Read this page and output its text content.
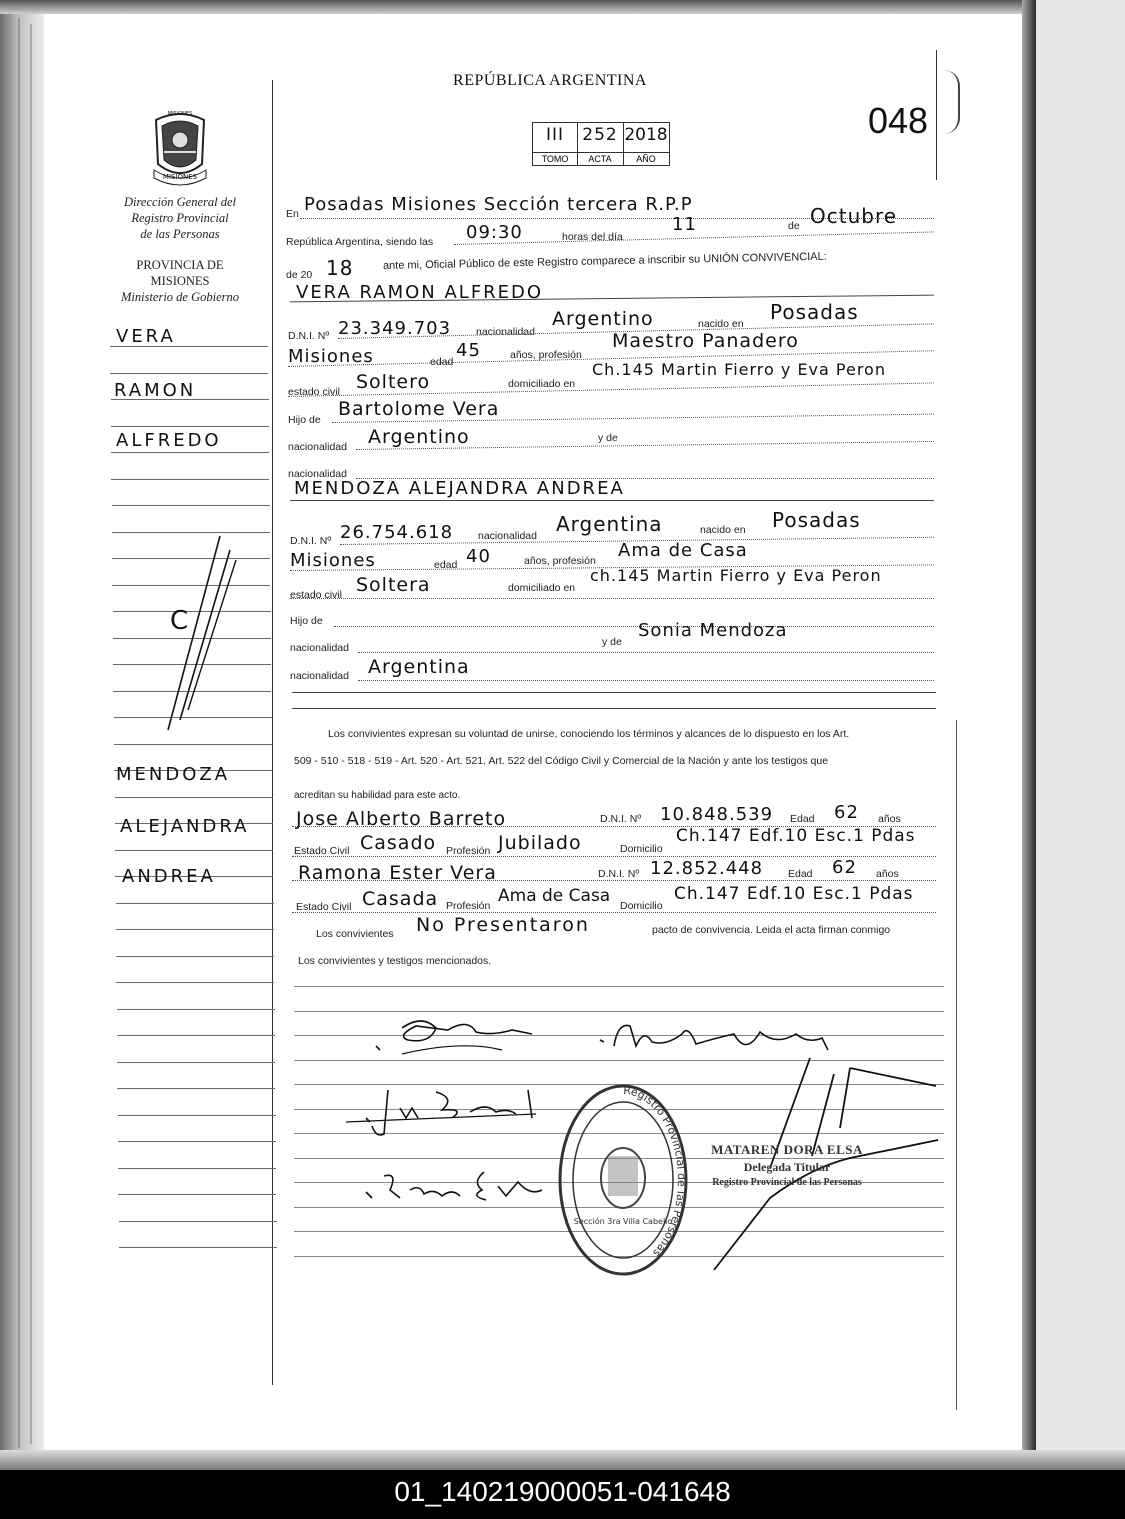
REPÚBLICA ARGENTINA
048
III
TOMO
252
ACTA
2018
AÑO
MISIONES
MISIONES
Dirección General del
Registro Provincial
de las Personas
PROVINCIA DE
MISIONES
Ministerio de Gobierno
VERA
RAMON
ALFREDO
C
MENDOZA
ALEJANDRA
ANDREA
En Posadas Misiones Sección tercera R.P.P
República Argentina, siendo las 09:30	horas del día
11	de Octubre
de 20 18	ante mi, Oficial Público de este Registro comparece a inscribir su UNIÓN CONVIVENCIAL:
VERA RAMON ALFREDO
D.N.I. Nº 23.349.703 nacionalidad
Argentino	nacido en Posadas
Misiones	edad
45	años, profesión
Maestro Panadero
estado civil Soltero	domiciliado en
Ch.145 Martin Fierro y Eva Peron
Hijo de Bartolome Vera
nacionalidad Argentino	y de
nacionalidad
MENDOZA ALEJANDRA ANDREA
D.N.I. Nº 26.754.618 nacionalidad Argentina	nacido en Posadas
Misiones	edad 40	años, profesión Ama de Casa
estado civil Soltera	domiciliado en
ch.145 Martin Fierro y Eva Peron
Hijo de
nacionalidad	y de
Sonia Mendoza
nacionalidad Argentina
Los convivientes expresan su voluntad de unirse, conociendo los términos y alcances de lo dispuesto en los Art.
509 - 510 - 518 - 519 - Art. 520 - Art. 521. Art. 522 del Código Civil y Comercial de la Nación y ante los testigos que
acreditan su habilidad para este acto.
Jose Alberto Barreto	D.N.I. Nº 10.848.539 Edad 62 años
Estado Civil Casado Profesión Jubilado	Domicilio
Ch.147 Edf.10 Esc.1 Pdas
Ramona Ester Vera	D.N.I. Nº 12.852.448 Edad 62 años
Estado Civil Casada Profesión Ama de Casa Domicilio
Ch.147 Edf.10 Esc.1 Pdas
Los convivientes No Presentaron	pacto de convivencia. Leida el acta firman conmigo
Los convivientes y testigos mencionados.
Registro Provincial de las Personas
Sección 3ra Villa Cabello
MATAREN DORA ELSA
Delegada Titular
Registro Provincial de las Personas
01_140219000051-041648
